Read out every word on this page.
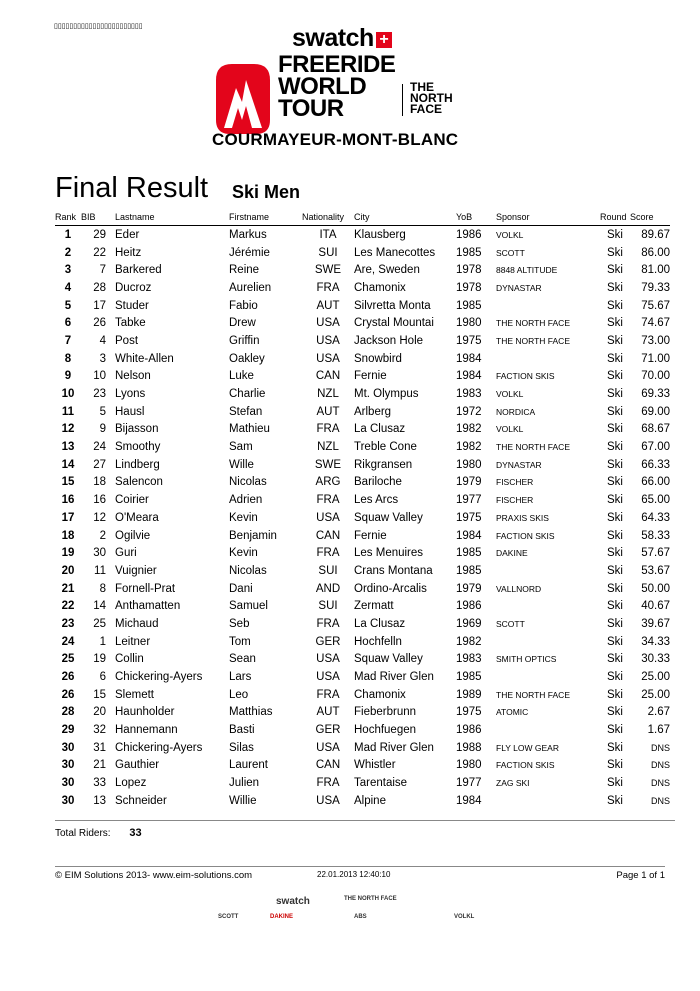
▯▯▯▯▯▯▯▯▯▯▯▯▯▯▯▯▯▯▯▯▯▯▯	swatch +
FREERIDE
WORLD
TOUR
THE
NORTH
FACE
COURMAYEUR-MONT-BLANC
Final Result Ski Men
Rank	BIB	Lastname	Firstname	Nationality	City	YoB	Sponsor	Round	Score
1	29	Eder	Markus	ITA	Klausberg	1986	VOLKL	Ski	89.67
2	22	Heitz	Jérémie	SUI	Les Manecottes	1985	SCOTT	Ski	86.00
3	7	Barkered	Reine	SWE	Are, Sweden	1978	8848 ALTITUDE	Ski	81.00
4	28	Ducroz	Aurelien	FRA	Chamonix	1978	DYNASTAR	Ski	79.33
5	17	Studer	Fabio	AUT	Silvretta Monta	1985		Ski	75.67
6	26	Tabke	Drew	USA	Crystal Mountai	1980	THE NORTH FACE	Ski	74.67
7	4	Post	Griffin	USA	Jackson Hole	1975	THE NORTH FACE	Ski	73.00
8	3	White-Allen	Oakley	USA	Snowbird	1984		Ski	71.00
9	10	Nelson	Luke	CAN	Fernie	1984	FACTION SKIS	Ski	70.00
10	23	Lyons	Charlie	NZL	Mt. Olympus	1983	VOLKL	Ski	69.33
11	5	Hausl	Stefan	AUT	Arlberg	1972	NORDICA	Ski	69.00
12	9	Bijasson	Mathieu	FRA	La Clusaz	1982	VOLKL	Ski	68.67
13	24	Smoothy	Sam	NZL	Treble Cone	1982	THE NORTH FACE	Ski	67.00
14	27	Lindberg	Wille	SWE	Rikgransen	1980	DYNASTAR	Ski	66.33
15	18	Salencon	Nicolas	ARG	Bariloche	1979	FISCHER	Ski	66.00
16	16	Coirier	Adrien	FRA	Les Arcs	1977	FISCHER	Ski	65.00
17	12	O'Meara	Kevin	USA	Squaw Valley	1975	PRAXIS SKIS	Ski	64.33
18	2	Ogilvie	Benjamin	CAN	Fernie	1984	FACTION SKIS	Ski	58.33
19	30	Guri	Kevin	FRA	Les Menuires	1985	DAKINE	Ski	57.67
20	11	Vuignier	Nicolas	SUI	Crans Montana	1985		Ski	53.67
21	8	Fornell-Prat	Dani	AND	Ordino-Arcalis	1979	VALLNORD	Ski	50.00
22	14	Anthamatten	Samuel	SUI	Zermatt	1986		Ski	40.67
23	25	Michaud	Seb	FRA	La Clusaz	1969	SCOTT	Ski	39.67
24	1	Leitner	Tom	GER	Hochfelln	1982		Ski	34.33
25	19	Collin	Sean	USA	Squaw Valley	1983	SMITH OPTICS	Ski	30.33
26	6	Chickering-Ayers	Lars	USA	Mad River Glen	1985		Ski	25.00
26	15	Slemett	Leo	FRA	Chamonix	1989	THE NORTH FACE	Ski	25.00
28	20	Haunholder	Matthias	AUT	Fieberbrunn	1975	ATOMIC	Ski	2.67
29	32	Hannemann	Basti	GER	Hochfuegen	1986		Ski	1.67
30	31	Chickering-Ayers	Silas	USA	Mad River Glen	1988	FLY LOW GEAR	Ski	DNS
30	21	Gauthier	Laurent	CAN	Whistler	1980	FACTION SKIS	Ski	DNS
30	33	Lopez	Julien	FRA	Tarentaise	1977	ZAG SKI	Ski	DNS
30	13	Schneider	Willie	USA	Alpine	1984		Ski	DNS
Total Riders: 33
© EIM Solutions 2013- www.eim-solutions.com	22.01.2013 12:40:10	Page 1 of 1
swatch	THE NORTH FACE
SCOTT	DAKINE	ABS	VOLKL
